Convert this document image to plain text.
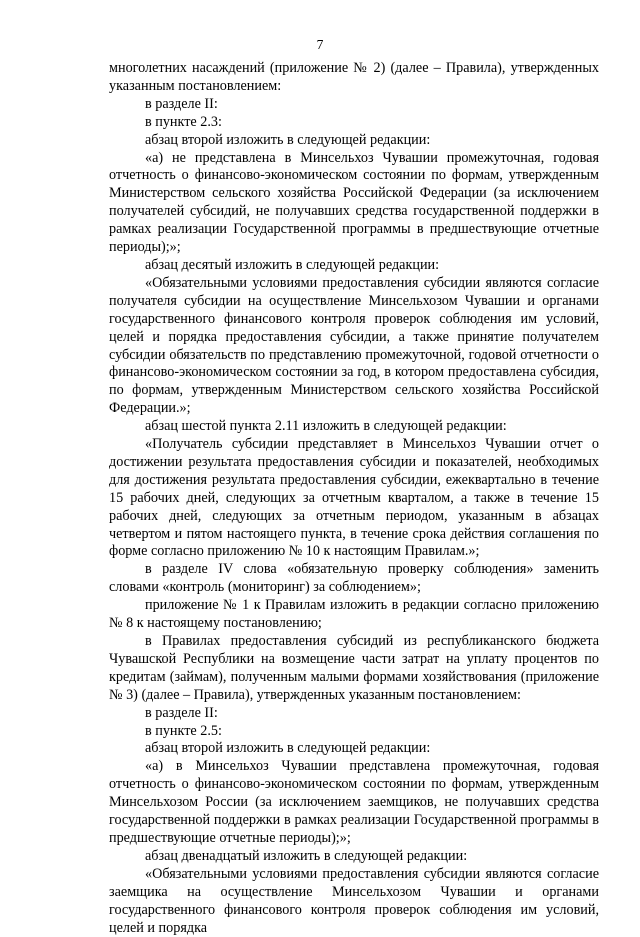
7

многолетних насаждений (приложение № 2) (далее – Правила), утвержденных указанным постановлением:

в разделе II:

в пункте 2.3:

абзац второй изложить в следующей редакции:

«а) не представлена в Минсельхоз Чувашии промежуточная, годовая отчетность о финансово-экономическом состоянии по формам, утвержденным Министерством сельского хозяйства Российской Федерации (за исключением получателей субсидий, не получавших средства государственной поддержки в рамках реализации Государственной программы в предшествующие отчетные периоды);»;

абзац десятый изложить в следующей редакции:

«Обязательными условиями предоставления субсидии являются согласие получателя субсидии на осуществление Минсельхозом Чувашии и органами государственного финансового контроля проверок соблюдения им условий, целей и порядка предоставления субсидии, а также принятие получателем субсидии обязательств по представлению промежуточной, годовой отчетности о финансово-экономическом состоянии за год, в котором предоставлена субсидия, по формам, утвержденным Министерством сельского хозяйства Российской Федерации.»;

абзац шестой пункта 2.11 изложить в следующей редакции:

«Получатель субсидии представляет в Минсельхоз Чувашии отчет о достижении результата предоставления субсидии и показателей, необходимых для достижения результата предоставления субсидии, ежеквартально в течение 15 рабочих дней, следующих за отчетным кварталом, а также в течение 15 рабочих дней, следующих за отчетным периодом, указанным в абзацах четвертом и пятом настоящего пункта, в течение срока действия соглашения по форме согласно приложению № 10 к настоящим Правилам.»;

в разделе IV слова «обязательную проверку соблюдения» заменить словами «контроль (мониторинг) за соблюдением»;

приложение № 1 к Правилам изложить в редакции согласно приложению № 8 к настоящему постановлению;

в Правилах предоставления субсидий из республиканского бюджета Чувашской Республики на возмещение части затрат на уплату процентов по кредитам (займам), полученным малыми формами хозяйствования (приложение № 3) (далее – Правила), утвержденных указанным постановлением:

в разделе II:

в пункте 2.5:

абзац второй изложить в следующей редакции:

«а) в Минсельхоз Чувашии представлена промежуточная, годовая отчетность о финансово-экономическом состоянии по формам, утвержденным Минсельхозом России (за исключением заемщиков, не получавших средства государственной поддержки в рамках реализации Государственной программы в предшествующие отчетные периоды);»;

абзац двенадцатый изложить в следующей редакции:

«Обязательными условиями предоставления субсидии являются согласие заемщика на осуществление Минсельхозом Чувашии и органами государственного финансового контроля проверок соблюдения им условий, целей и порядка
